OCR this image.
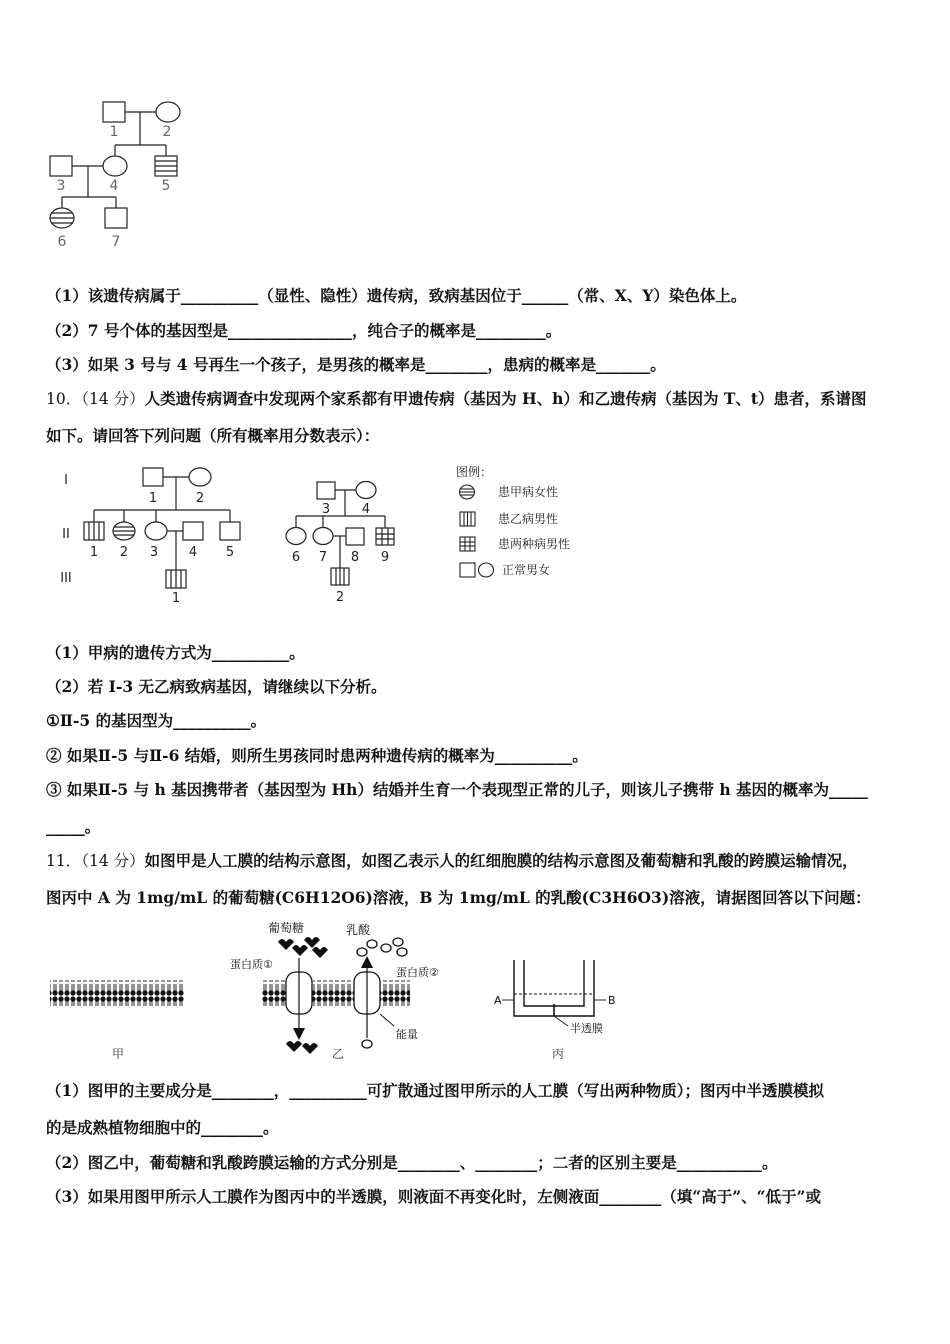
1	2
3	4	5
6	7
（1）该遗传病属于__________（显性、隐性）遗传病，致病基因位于______（常、X、Y）染色体上。
（2）7 号个体的基因型是________________，纯合子的概率是_________。
（3）如果 3 号与 4 号再生一个孩子，是男孩的概率是________，患病的概率是_______。
10．（14 分）人类遗传病调查中发现两个家系都有甲遗传病（基因为 H、h）和乙遗传病（基因为 T、t）患者，系谱图
如下。请回答下列问题（所有概率用分数表示）：
I
II
III
1	2
1 2 3 4 5
1
3 4
6 7 8 9
2
图例：
患甲病女性
患乙病男性
患两种病男性
正常男女
（1）甲病的遗传方式为__________。
（2）若 I-3 无乙病致病基因，请继续以下分析。
①Ⅱ-5 的基因型为__________。
② 如果Ⅱ-5 与Ⅱ-6 结婚，则所生男孩同时患两种遗传病的概率为__________。
③ 如果Ⅱ-5 与 h 基因携带者（基因型为 Hh）结婚并生育一个表现型正常的儿子，则该儿子携带 h 基因的概率为_____
_____。
11．（14 分）如图甲是人工膜的结构示意图，如图乙表示人的红细胞膜的结构示意图及葡萄糖和乳酸的跨膜运输情况，
图丙中 A 为 1mg/mL 的葡萄糖(C6H12O6)溶液，B 为 1mg/mL 的乳酸(C3H6O3)溶液，请据图回答以下问题：
甲
葡萄糖
蛋白质①
乳酸
蛋白质②
能量
乙
A	B
半透膜
丙
（1）图甲的主要成分是________，__________可扩散通过图甲所示的人工膜（写出两种物质）；图丙中半透膜模拟
的是成熟植物细胞中的________。
（2）图乙中，葡萄糖和乳酸跨膜运输的方式分别是________、________；二者的区别主要是___________。
（3）如果用图甲所示人工膜作为图丙中的半透膜，则液面不再变化时，左侧液面________（填“高于”、“低于”或
